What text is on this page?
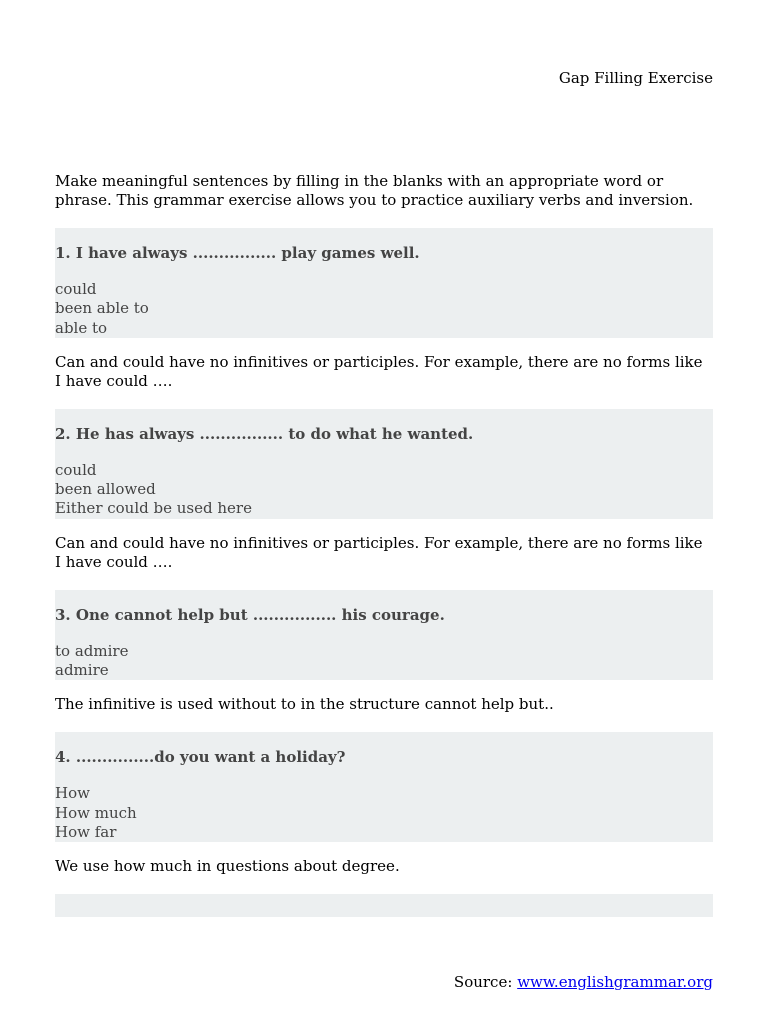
Gap Filling Exercise
Make meaningful sentences by filling in the blanks with an appropriate word or phrase. This grammar exercise allows you to practice auxiliary verbs and inversion.
1. I have always ................ play games well.
could
been able to
able to
Can and could have no infinitives or participles. For example, there are no forms like I have could ….
2. He has always ................ to do what he wanted.
could
been allowed
Either could be used here
Can and could have no infinitives or participles. For example, there are no forms like I have could ….
3. One cannot help but ................ his courage.
to admire
admire
The infinitive is used without to in the structure cannot help but..
4. ...............do you want a holiday?
How
How much
How far
We use how much in questions about degree.
Source: www.englishgrammar.org
